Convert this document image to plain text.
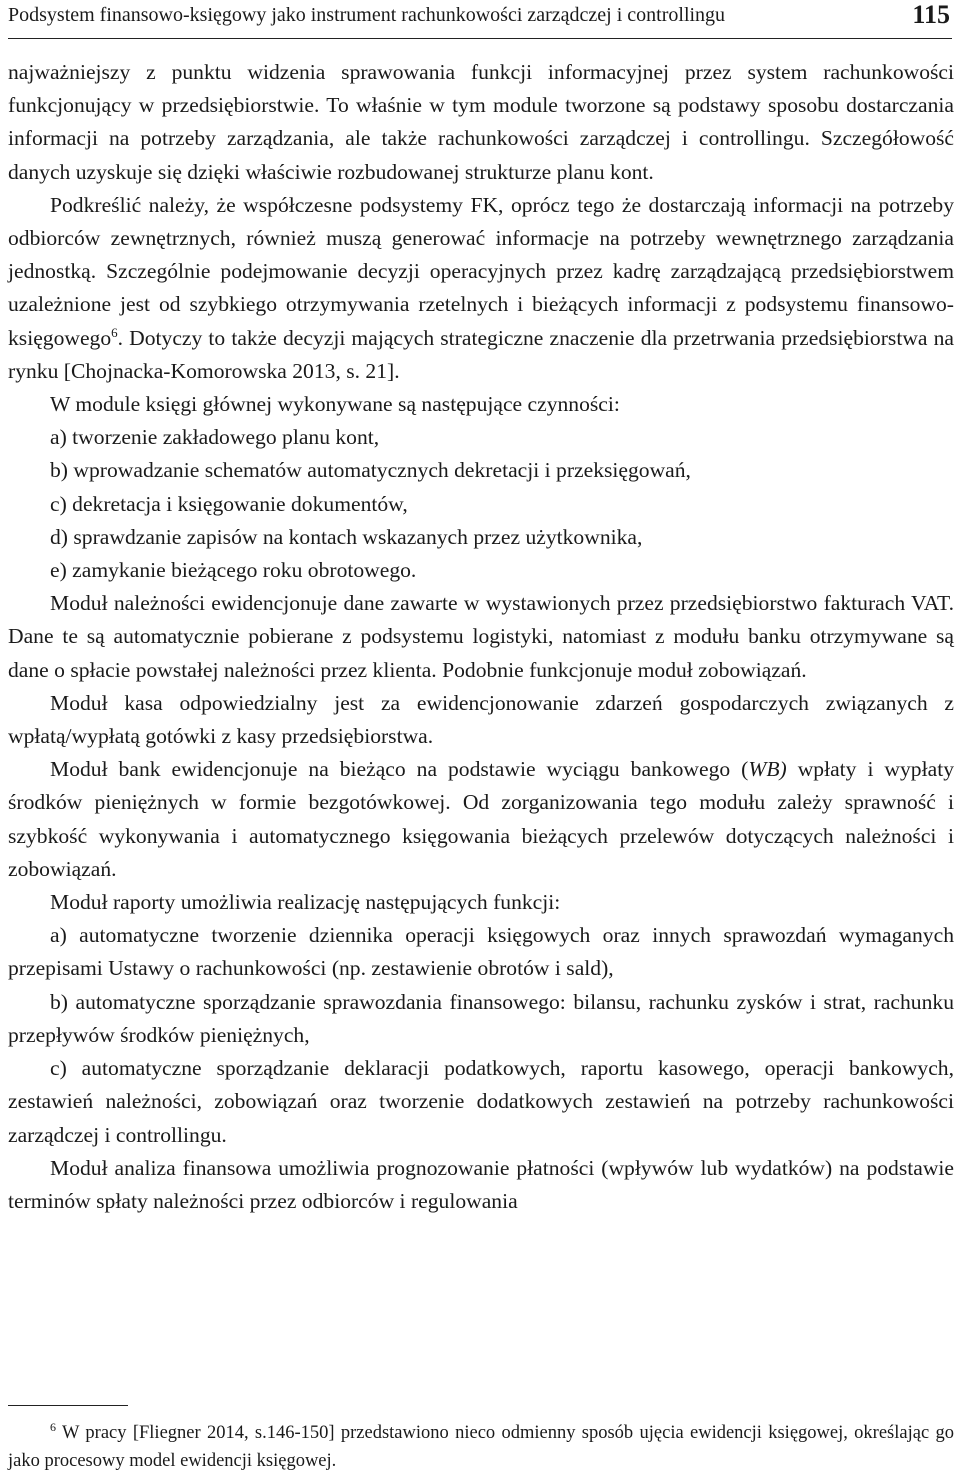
Podsystem finansowo-księgowy jako instrument rachunkowości zarządczej i controllingu	115

najważniejszy z punktu widzenia sprawowania funkcji informacyjnej przez system rachunkowości funkcjonujący w przedsiębiorstwie. To właśnie w tym module tworzone są podstawy sposobu dostarczania informacji na potrzeby zarządzania, ale także rachunkowości zarządczej i controllingu. Szczegółowość danych uzyskuje się dzięki właściwie rozbudowanej strukturze planu kont.

Podkreślić należy, że współczesne podsystemy FK, oprócz tego że dostarczają informacji na potrzeby odbiorców zewnętrznych, również muszą generować informacje na potrzeby wewnętrznego zarządzania jednostką. Szczególnie podejmowanie decyzji operacyjnych przez kadrę zarządzającą przedsiębiorstwem uzależnione jest od szybkiego otrzymywania rzetelnych i bieżących informacji z podsystemu finansowo-księgowego$^6$. Dotyczy to także decyzji mających strategiczne znaczenie dla przetrwania przedsiębiorstwa na rynku [Chojnacka-Komorowska 2013, s. 21].

W module księgi głównej wykonywane są następujące czynności:

a) tworzenie zakładowego planu kont,

b) wprowadzanie schematów automatycznych dekretacji i przeksięgowań,

c) dekretacja i księgowanie dokumentów,

d) sprawdzanie zapisów na kontach wskazanych przez użytkownika,

e) zamykanie bieżącego roku obrotowego.

Moduł należności ewidencjonuje dane zawarte w wystawionych przez przedsiębiorstwo fakturach VAT. Dane te są automatycznie pobierane z podsystemu logistyki, natomiast z modułu banku otrzymywane są dane o spłacie powstałej należności przez klienta. Podobnie funkcjonuje moduł zobowiązań.

Moduł kasa odpowiedzialny jest za ewidencjonowanie zdarzeń gospodarczych związanych z wpłatą/wypłatą gotówki z kasy przedsiębiorstwa.

Moduł bank ewidencjonuje na bieżąco na podstawie wyciągu bankowego (WB) wpłaty i wypłaty środków pieniężnych w formie bezgotówkowej. Od zorganizowania tego modułu zależy sprawność i szybkość wykonywania i automatycznego księgowania bieżących przelewów dotyczących należności i zobowiązań.

Moduł raporty umożliwia realizację następujących funkcji:

a) automatyczne tworzenie dziennika operacji księgowych oraz innych sprawozdań wymaganych przepisami Ustawy o rachunkowości (np. zestawienie obrotów i sald),

b) automatyczne sporządzanie sprawozdania finansowego: bilansu, rachunku zysków i strat, rachunku przepływów środków pieniężnych,

c) automatyczne sporządzanie deklaracji podatkowych, raportu kasowego, operacji bankowych, zestawień należności, zobowiązań oraz tworzenie dodatkowych zestawień na potrzeby rachunkowości zarządczej i controllingu.

Moduł analiza finansowa umożliwia prognozowanie płatności (wpływów lub wydatków) na podstawie terminów spłaty należności przez odbiorców i regulowania

$^6$ W pracy [Fliegner 2014, s.146-150] przedstawiono nieco odmienny sposób ujęcia ewidencji księgowej, określając go jako procesowy model ewidencji księgowej.
